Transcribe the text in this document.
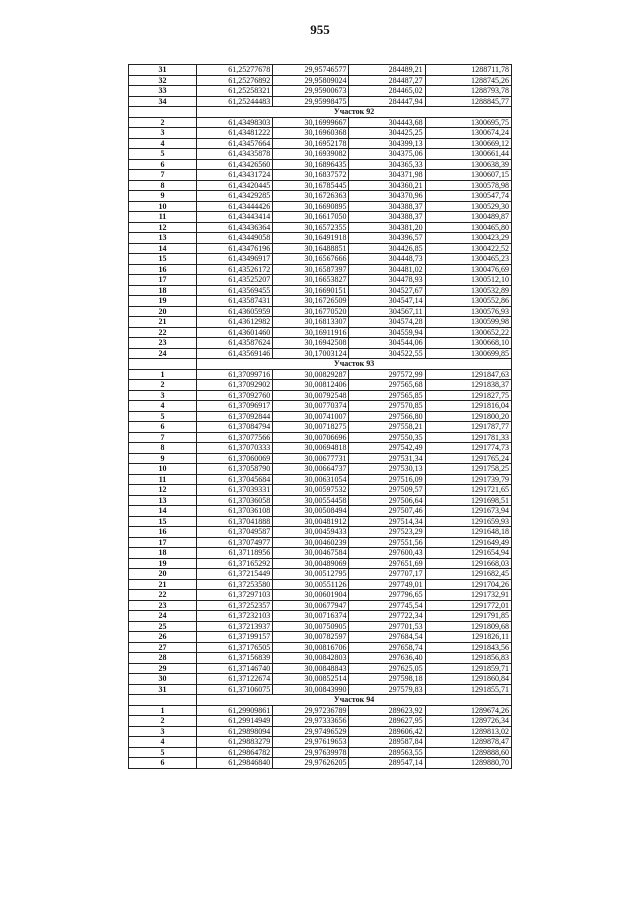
955
31	61,25277678	29,95746577	284489,21	1288711,78
32	61,25276892	29,95809024	284487,27	1288745,26
33	61,25258321	29,95900673	284465,02	1288793,78
34	61,25244483	29,95998475	284447,94	1288845,77
	Участок 92			
2	61,43498303	30,16999667	304443,68	1300695,75
3	61,43481222	30,16960368	304425,25	1300674,24
4	61,43457664	30,16952178	304399,13	1300669,12
5	61,43435878	30,16939082	304375,06	1300661,44
6	61,43426560	30,16896435	304365,33	1300638,39
7	61,43431724	30,16837572	304371,98	1300607,15
8	61,43420445	30,16785445	304360,21	1300578,98
9	61,43429285	30,16726363	304370,96	1300547,74
10	61,43444426	30,16690895	304388,37	1300529,30
11	61,43443414	30,16617050	304388,37	1300489,87
12	61,43436364	30,16572355	304381,20	1300465,80
13	61,43449058	30,16491918	304396,57	1300423,29
14	61,43476196	30,16488851	304426,85	1300422,52
15	61,43496917	30,16567666	304448,73	1300465,23
16	61,43526172	30,16587397	304481,02	1300476,69
17	61,43525207	30,16653827	304478,93	1300512,10
18	61,43569455	30,16690151	304527,67	1300532,89
19	61,43587431	30,16726509	304547,14	1300552,86
20	61,43605959	30,16770520	304567,11	1300576,93
21	61,43612982	30,16813307	304574,28	1300599,98
22	61,43601460	30,16911916	304559,94	1300652,22
23	61,43587624	30,16942508	304544,06	1300668,10
24	61,43569146	30,17003124	304522,55	1300699,85
	Участок 93			
1	61,37099716	30,00829287	297572,99	1291847,63
2	61,37092902	30,00812406	297565,68	1291838,37
3	61,37092760	30,00792548	297565,85	1291827,75
4	61,37096917	30,00770374	297570,85	1291816,04
5	61,37092844	30,00741007	297566,80	1291800,20
6	61,37084794	30,00718275	297558,21	1291787,77
7	61,37077566	30,00706696	297550,35	1291781,33
8	61,37070333	30,00694818	297542,49	1291774,73
9	61,37060069	30,00677731	297531,34	1291765,24
10	61,37058790	30,00664737	297530,13	1291758,25
11	61,37045684	30,00631054	297516,09	1291739,79
12	61,37039331	30,00597532	297509,57	1291721,65
13	61,37036058	30,00554458	297506,64	1291698,51
14	61,37036108	30,00508494	297507,46	1291673,94
15	61,37041888	30,00481912	297514,34	1291659,93
16	61,37049587	30,00459433	297523,29	1291648,18
17	61,37074977	30,00460239	297551,56	1291649,49
18	61,37118956	30,00467584	297600,43	1291654,94
19	61,37165292	30,00489069	297651,69	1291668,03
20	61,37215449	30,00512795	297707,17	1291682,45
21	61,37253580	30,00551126	297749,01	1291704,26
22	61,37297103	30,00601904	297796,65	1291732,91
23	61,37252357	30,00677947	297745,54	1291772,01
24	61,37232103	30,00716374	297722,34	1291791,85
25	61,37213937	30,00750905	297701,53	1291809,68
26	61,37199157	30,00782597	297684,54	1291826,11
27	61,37176505	30,00816706	297658,74	1291843,56
28	61,37156839	30,00842803	297636,40	1291856,83
29	61,37146740	30,00848843	297625,05	1291859,71
30	61,37122674	30,00852514	297598,18	1291860,84
31	61,37106075	30,00843990	297579,83	1291855,71
	Участок 94			
1	61,29909861	29,97236789	289623,92	1289674,26
2	61,29914949	29,97333656	289627,95	1289726,34
3	61,29898094	29,97496529	289606,42	1289813,02
4	61,29883279	29,97619653	289587,84	1289878,47
5	61,29864782	29,97639978	289563,55	1289888,60
6	61,29846840	29,97626205	289547,14	1289880,70
